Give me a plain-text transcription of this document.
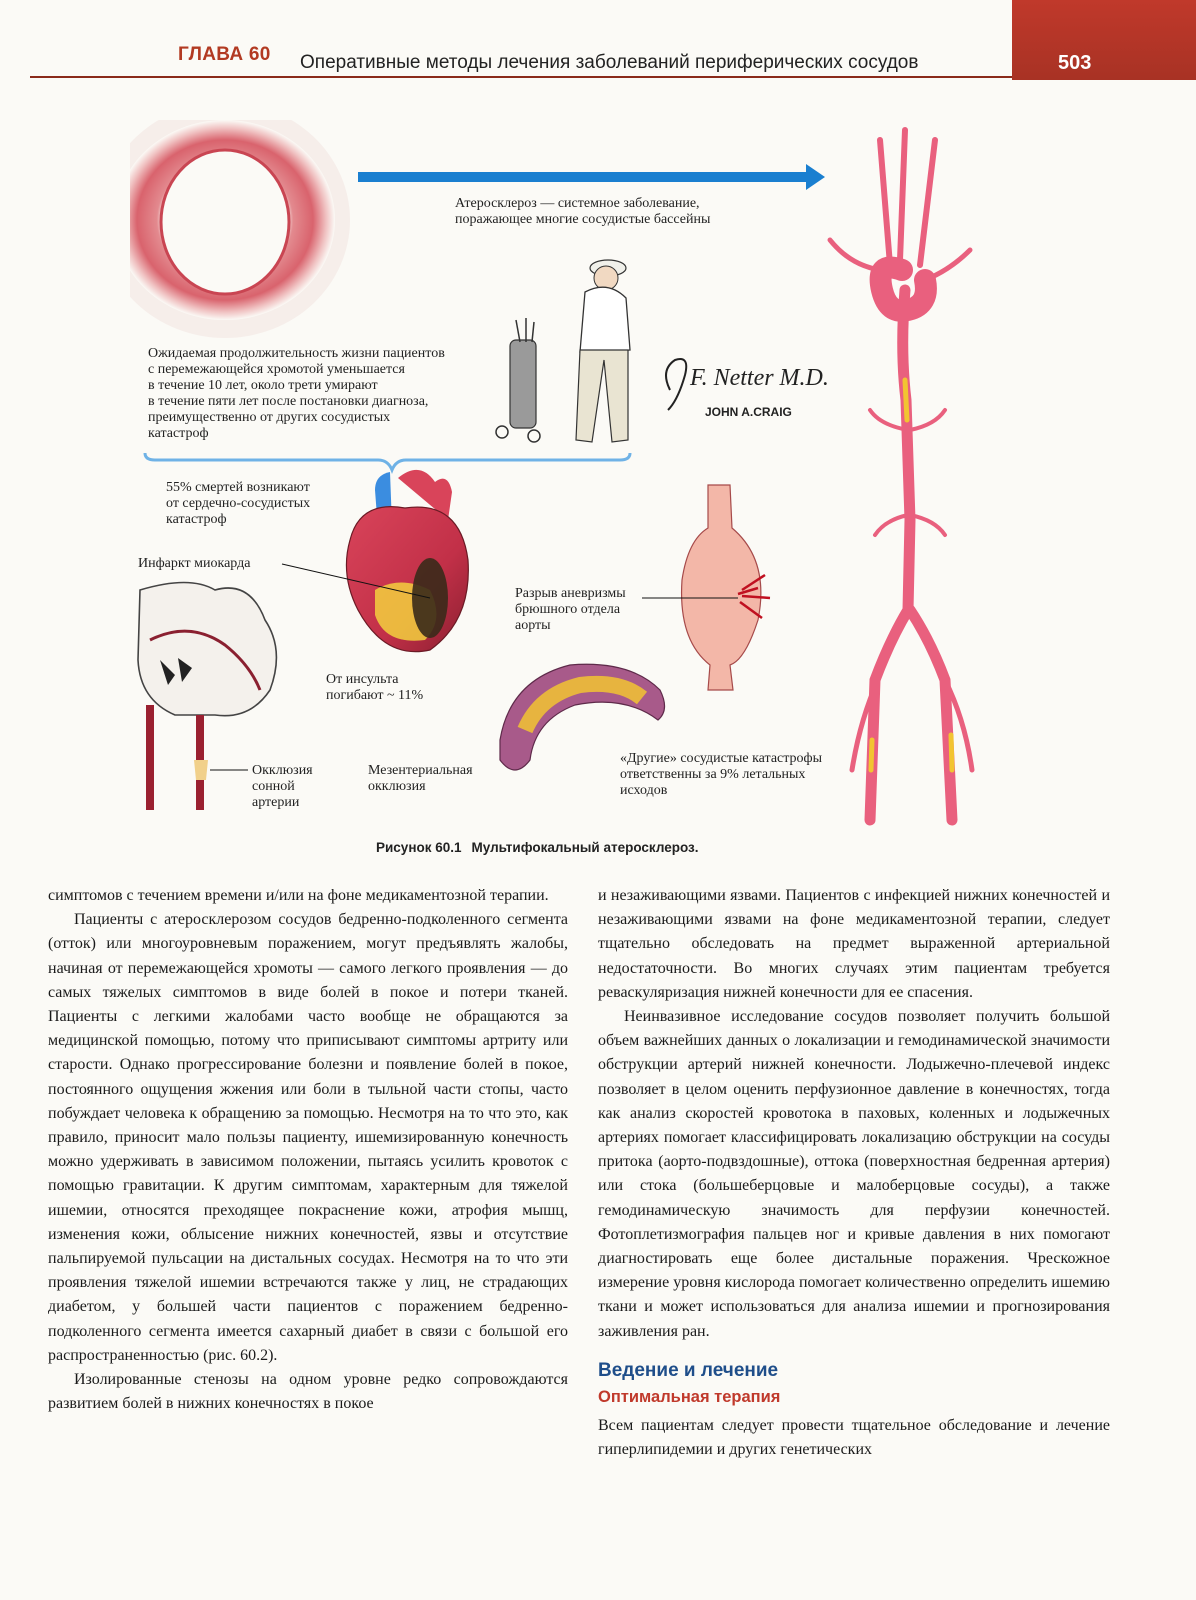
ГЛАВА 60 Оперативные методы лечения заболеваний периферических сосудов	503
F. Netter M.D.
JOHN A.CRAIG
Атеросклероз — системное заболевание,
поражающее многие сосудистые бассейны
Ожидаемая продолжительность жизни пациентов
с перемежающейся хромотой уменьшается
в течение 10 лет, около трети умирают
в течение пяти лет после постановки диагноза,
преимущественно от других сосудистых
катастроф
55% смертей возникают
от сердечно-сосудистых
катастроф
Инфаркт миокарда
Разрыв аневризмы
брюшного отдела
аорты
От инсульта
погибают ~ 11%
Окклюзия
сонной
артерии
Мезентериальная
окклюзия
«Другие» сосудистые катастрофы
ответственны за 9% летальных
исходов
Рисунок 60.1 Мультифокальный атеросклероз.

симптомов с течением времени и/или на фоне медикаментозной терапии.

Пациенты с атеросклерозом сосудов бедренно-подколенного сегмента (отток) или многоуровневым поражением, могут предъявлять жалобы, начиная от перемежающейся хромоты — самого легкого проявления — до самых тяжелых симптомов в виде болей в покое и потери тканей. Пациенты с легкими жалобами часто вообще не обращаются за медицинской помощью, потому что приписывают симптомы артриту или старости. Однако прогрессирование болезни и появление болей в покое, постоянного ощущения жжения или боли в тыльной части стопы, часто побуждает человека к обращению за помощью. Несмотря на то что это, как правило, приносит мало пользы пациенту, ишемизированную конечность можно удерживать в зависимом положении, пытаясь усилить кровоток с помощью гравитации. К другим симптомам, характерным для тяжелой ишемии, относятся преходящее покраснение кожи, атрофия мышц, изменения кожи, облысение нижних конечностей, язвы и отсутствие пальпируемой пульсации на дистальных сосудах. Несмотря на то что эти проявления тяжелой ишемии встречаются также у лиц, не страдающих диабетом, у большей части пациентов с поражением бедренно-подколенного сегмента имеется сахарный диабет в связи с большой его распространенностью (рис. 60.2).

Изолированные стенозы на одном уровне редко сопровождаются развитием болей в нижних конечностях в покое

и незаживающими язвами. Пациентов с инфекцией нижних конечностей и незаживающими язвами на фоне медикаментозной терапии, следует тщательно обследовать на предмет выраженной артериальной недостаточности. Во многих случаях этим пациентам требуется реваскуляризация нижней конечности для ее спасения.

Неинвазивное исследование сосудов позволяет получить большой объем важнейших данных о локализации и гемодинамической значимости обструкции артерий нижней конечности. Лодыжечно-плечевой индекс позволяет в целом оценить перфузионное давление в конечностях, тогда как анализ скоростей кровотока в паховых, коленных и лодыжечных артериях помогает классифицировать локализацию обструкции на сосуды притока (аорто-подвздошные), оттока (поверхностная бедренная артерия) или стока (большеберцовые и малоберцовые сосуды), а также гемодинамическую значимость для перфузии конечностей. Фотоплетизмография пальцев ног и кривые давления в них помогают диагностировать еще более дистальные поражения. Чрескожное измерение уровня кислорода помогает количественно определить ишемию ткани и может использоваться для анализа ишемии и прогнозирования заживления ран.

Ведение и лечение
Оптимальная терапия

Всем пациентам следует провести тщательное обследование и лечение гиперлипидемии и других генетических
